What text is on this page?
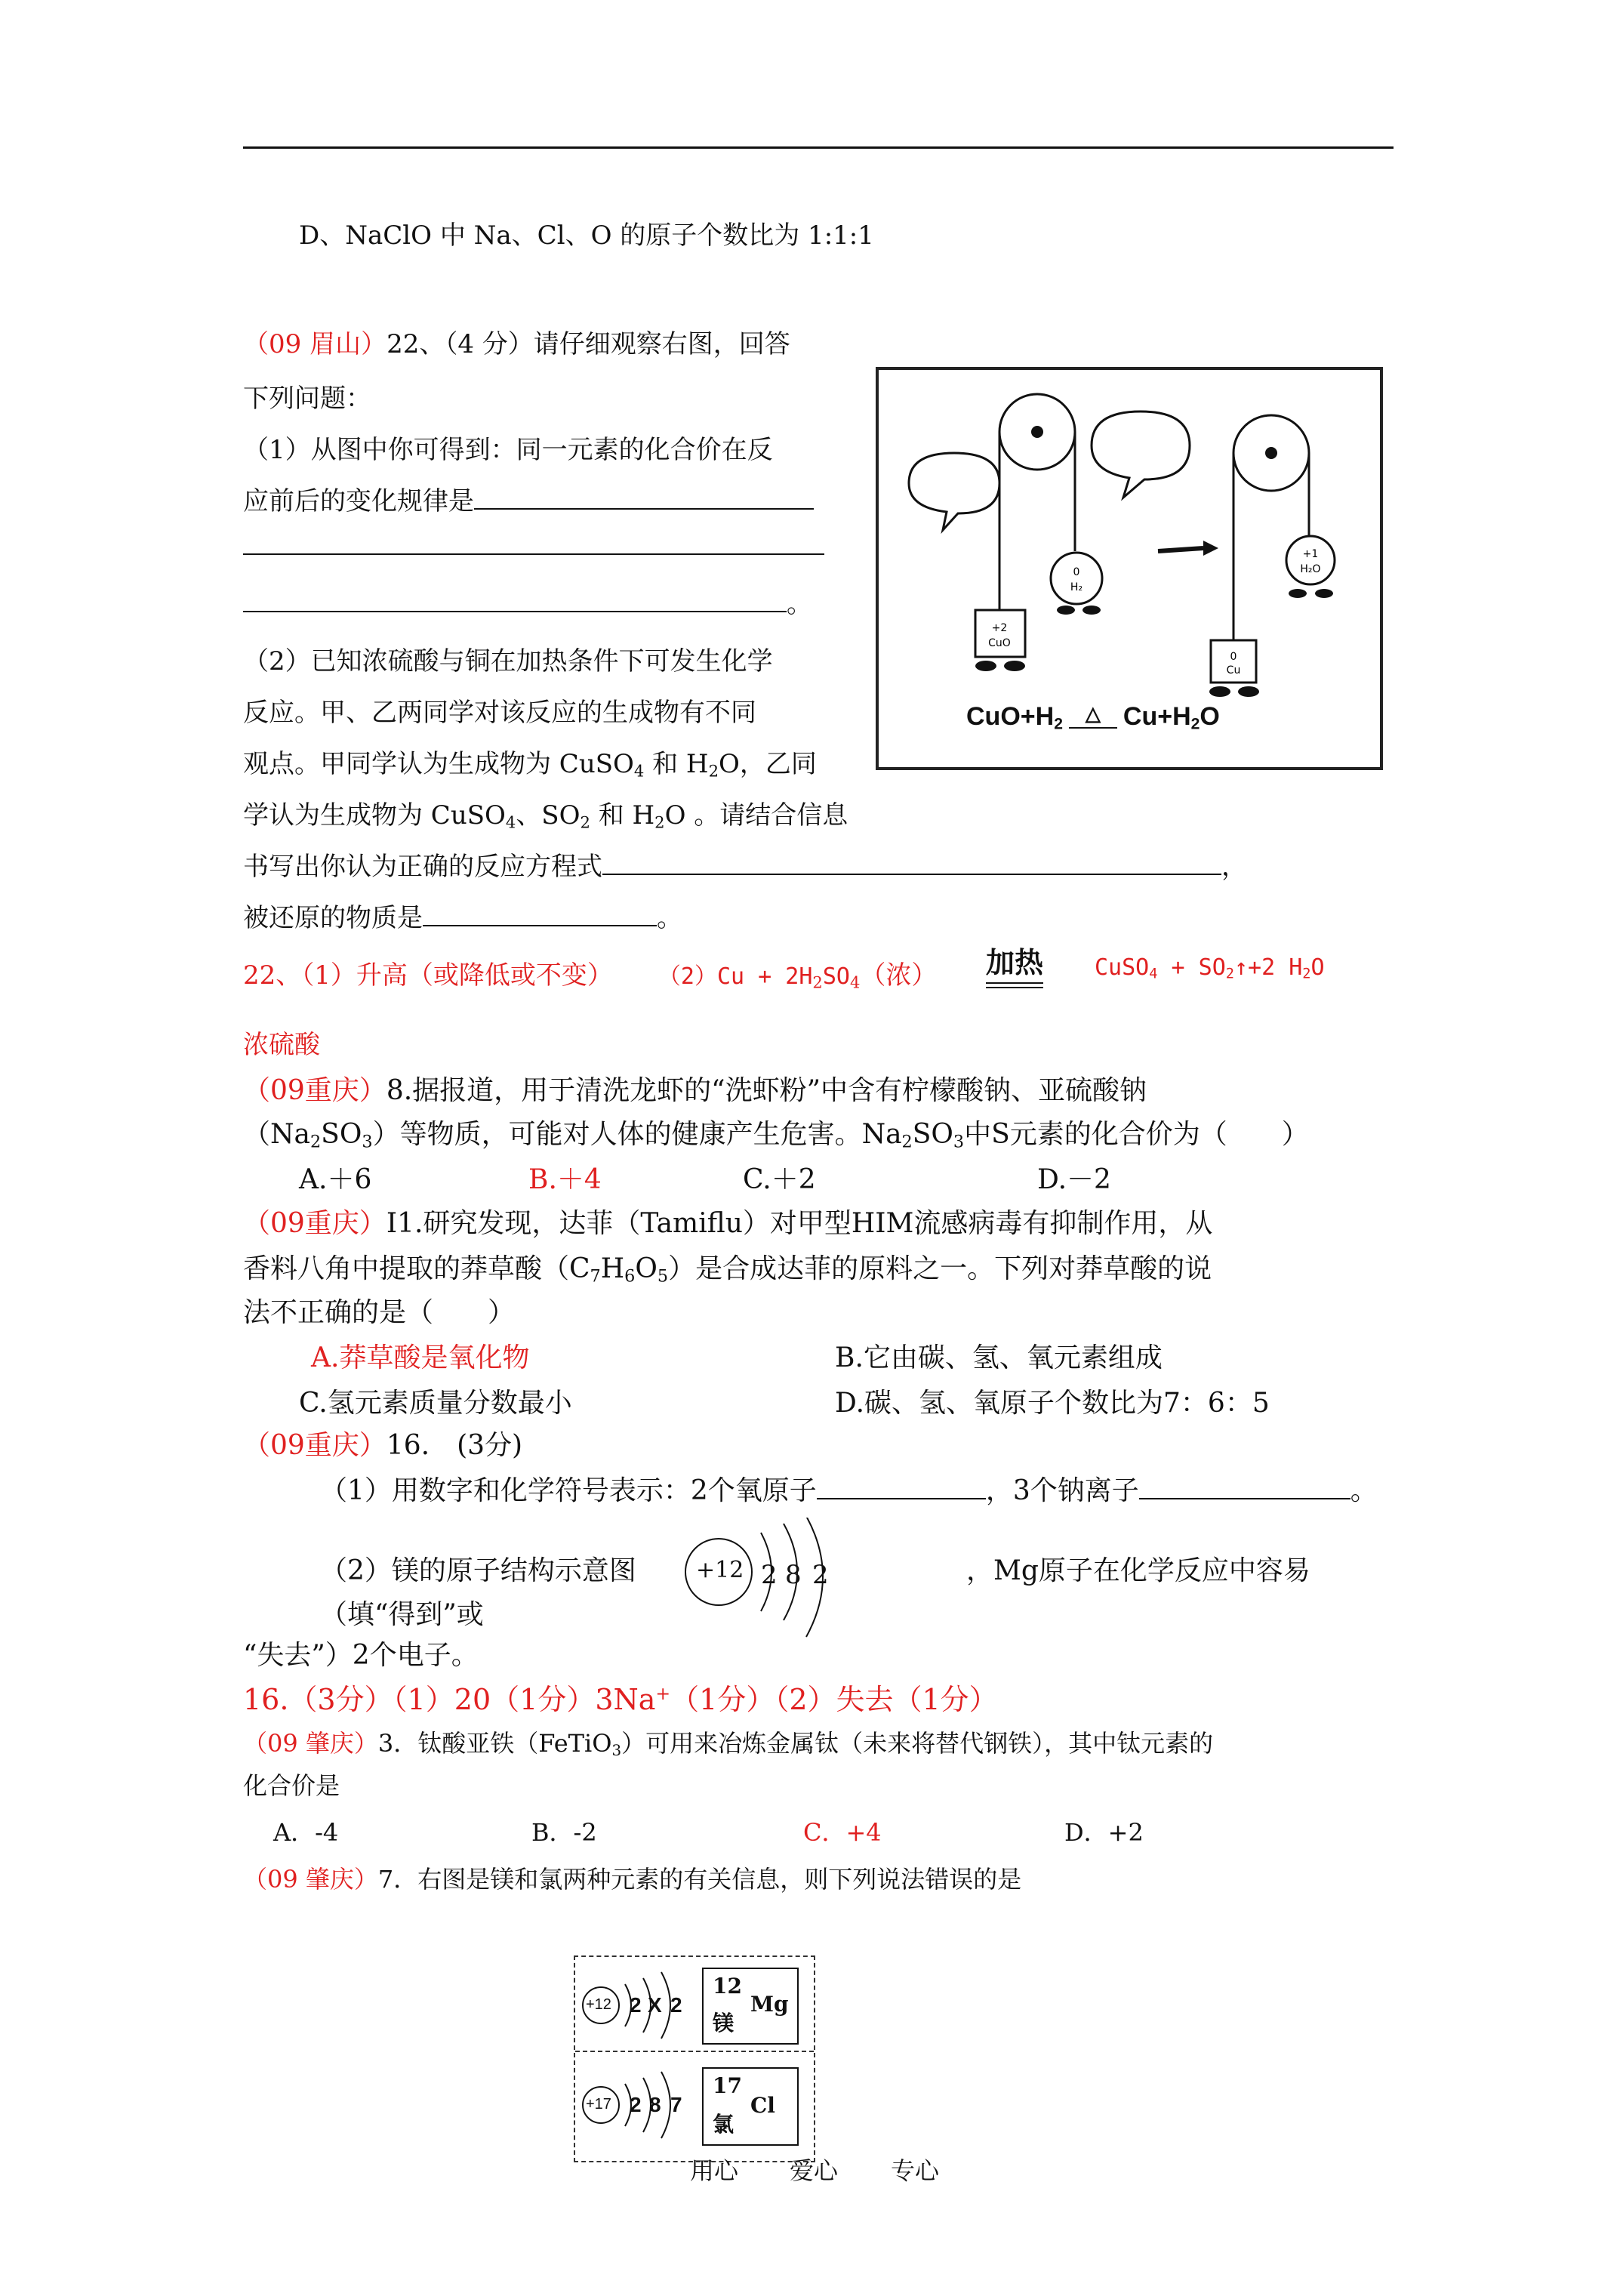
D、NaClO 中 Na、Cl、O 的原子个数比为 1:1:1
（09 眉山）22、（4 分）请仔细观察右图，回答
下列问题：
（1）从图中你可得到：同一元素的化合价在反
应前后的变化规律是
。
（2）已知浓硫酸与铜在加热条件下可发生化学
反应。甲、乙两同学对该反应的生成物有不同
观点。甲同学认为生成物为 CuSO$_4$ 和 $H_2O$，乙同
学认为生成物为 CuSO$_4$、$SO_2$ 和 $H_2O$ 。请结合信息
书写出你认为正确的反应方程式	，
被还原的物质是	。
22、（1）升高（或降低或不变） $(2)Cu + 2H_2SO_4$（浓） 加热 CuSO$_4$ + $SO_2↑+2$ $H_2O$
浓硫酸
+2
CuO
0
H₂
0
Cu
+1
H₂O
$CuO+H_2$ △ $Cu+H_2O$
（09重庆）8.据报道，用于清洗龙虾的“洗虾粉”中含有柠檬酸钠、亚硫酸钠
$(Na_2SO_3)$等物质，可能对人体的健康产生危害。$Na_2SO_3$中S元素的化合价为（　　）
A.＋6	B.＋4	C.＋2	D.－2
（09重庆）I1.研究发现，达菲（Tamiflu）对甲型HIM流感病毒有抑制作用，从
香料八角中提取的莽草酸$(C_7H_6O_5)$是合成达菲的原料之一。下列对莽草酸的说
法不正确的是（　　）
A.莽草酸是氧化物	B.它由碳、氢、氧元素组成
C.氢元素质量分数最小	D.碳、氢、氧原子个数比为7：6：5
（09重庆）16.　(3分)
（1）用数字和化学符号表示：2个氧原子	，3个钠离子	。
（2）镁的原子结构示意图	，Mg原子在化学反应中容易
（填“得到”或
“失去”）2个电子。
+12 2 8 2
16.（3分）（1）20（1分）3Na+（1分）（2）失去（1分）
（09 肇庆）3．钛酸亚铁（FeTiO$_3$）可用来冶炼金属钛（未来将替代钢铁），其中钛元素的
化合价是
A．-4	B．-2	C．+4	D．+2
（09 肇庆）7．右图是镁和氯两种元素的有关信息，则下列说法错误的是
+12 2 X 2
12
镁
Mg
+17 2 8 7
17
氯
Cl
用心 爱心 专心
